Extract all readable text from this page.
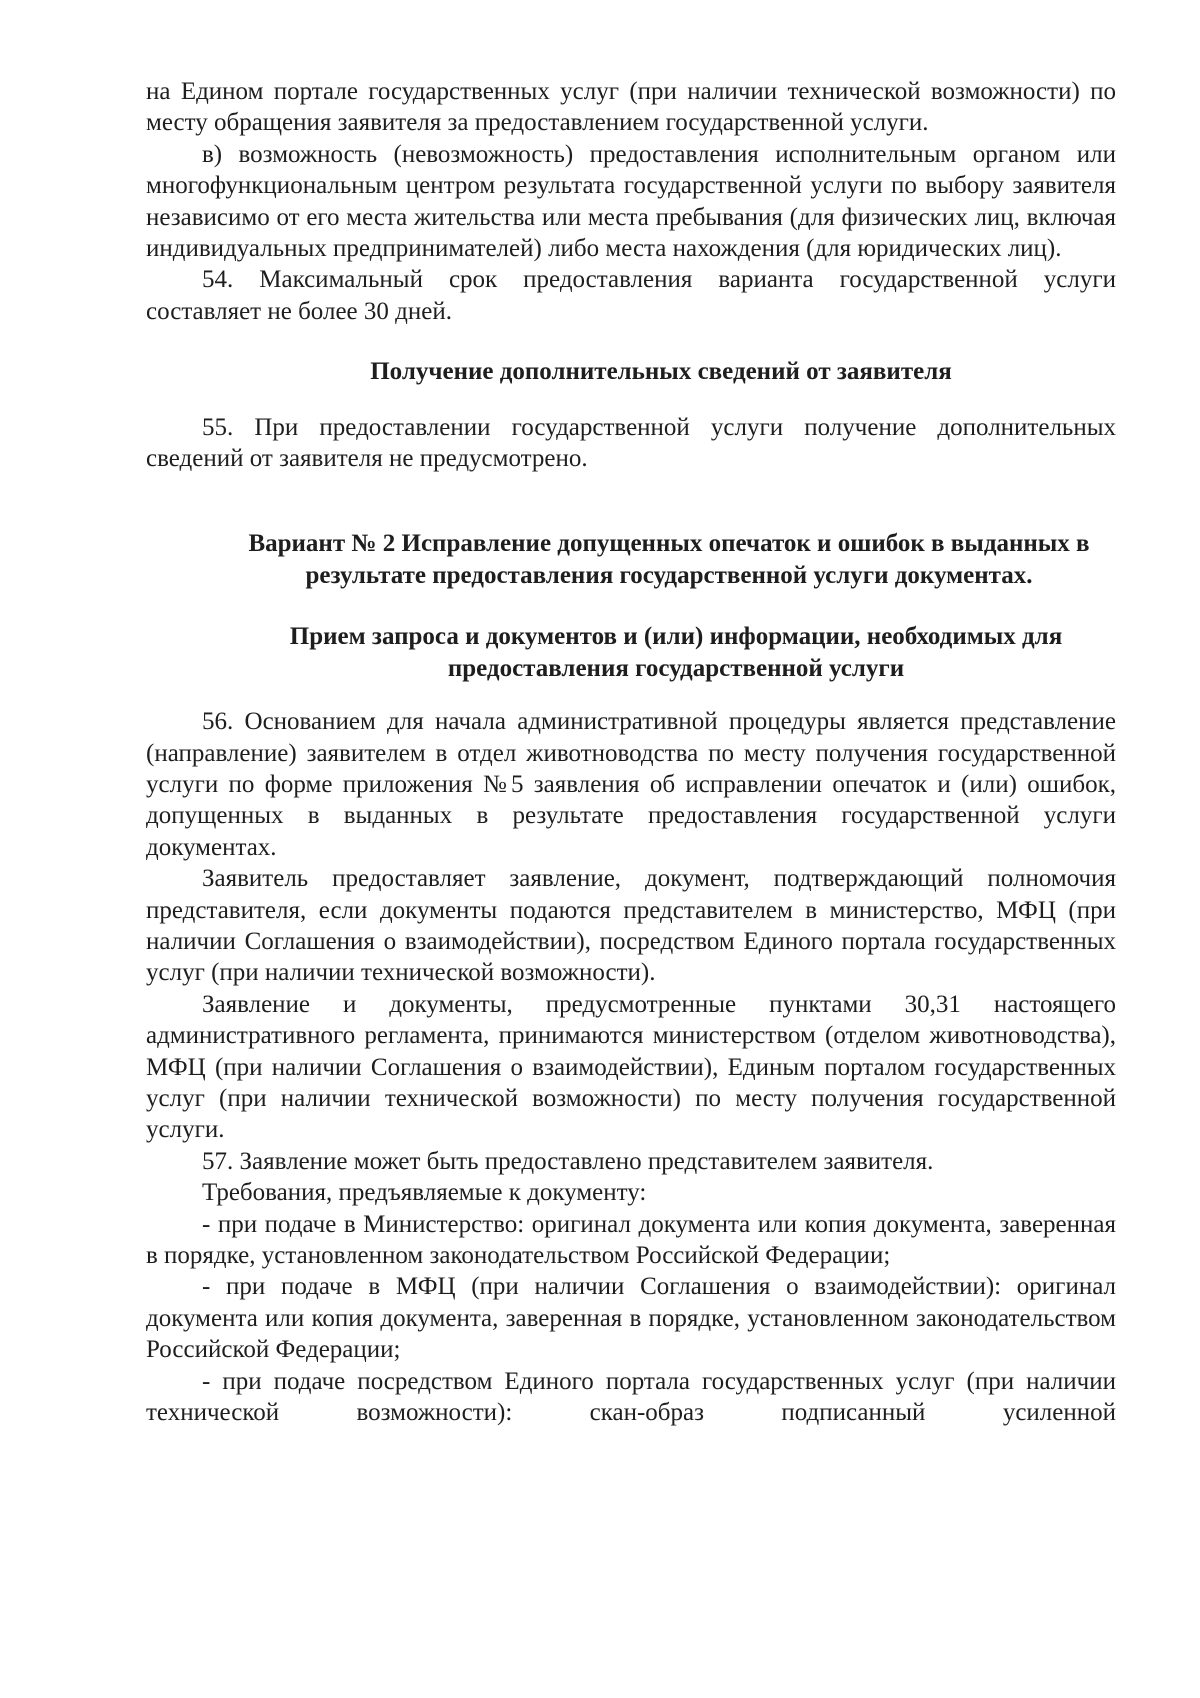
на Едином портале государственных услуг (при наличии технической возможности) по месту обращения заявителя за предоставлением государственной услуги.

в) возможность (невозможность) предоставления исполнительным органом или многофункциональным центром результата государственной услуги по выбору заявителя независимо от его места жительства или места пребывания (для физических лиц, включая индивидуальных предпринимателей) либо места нахождения (для юридических лиц).

54. Максимальный срок предоставления варианта государственной услуги составляет не более 30 дней.

Получение дополнительных сведений от заявителя

55. При предоставлении государственной услуги получение дополнительных сведений от заявителя не предусмотрено.

Вариант № 2 Исправление допущенных опечаток и ошибок в выданных в результате предоставления государственной услуги документах.

Прием запроса и документов и (или) информации, необходимых для предоставления государственной услуги

56. Основанием для начала административной процедуры является представление (направление) заявителем в отдел животноводства по месту получения государственной услуги по форме приложения №5 заявления об исправлении опечаток и (или) ошибок, допущенных в выданных в результате предоставления государственной услуги документах.

Заявитель предоставляет заявление, документ, подтверждающий полномочия представителя, если документы подаются представителем в министерство, МФЦ (при наличии Соглашения о взаимодействии), посредством Единого портала государственных услуг (при наличии технической возможности).

Заявление и документы, предусмотренные пунктами 30,31 настоящего административного регламента, принимаются министерством (отделом животноводства), МФЦ (при наличии Соглашения о взаимодействии), Единым порталом государственных услуг (при наличии технической возможности) по месту получения государственной услуги.

57. Заявление может быть предоставлено представителем заявителя.

Требования, предъявляемые к документу:

- при подаче в Министерство: оригинал документа или копия документа, заверенная в порядке, установленном законодательством Российской Федерации;

- при подаче в МФЦ (при наличии Соглашения о взаимодействии): оригинал документа или копия документа, заверенная в порядке, установленном законодательством Российской Федерации;

- при подаче посредством Единого портала государственных услуг (при наличии технической возможности): скан-образ подписанный усиленной
